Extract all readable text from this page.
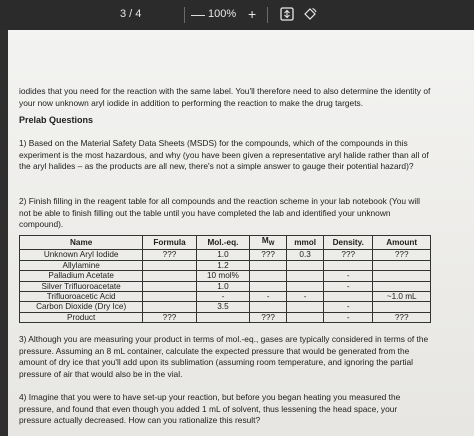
3 / 4	— 100% +

iodides that you need for the reaction with the same label. You'll therefore need to also determine the identity of your now unknown aryl iodide in addition to performing the reaction to make the drug targets.

Prelab Questions

1) Based on the Material Safety Data Sheets (MSDS) for the compounds, which of the compounds in this experiment is the most hazardous, and why (you have been given a representative aryl halide rather than all of the aryl halides – as the products are all new, there's not a simple answer to gauge their potential hazard)?

2) Finish filling in the reagent table for all compounds and the reaction scheme in your lab notebook (You will not be able to finish filling out the table until you have completed the lab and identified your unknown compound).

Name	Formula	Mol.-eq.	$M_W$	mmol	Density.	Amount
Unknown Aryl Iodide	???	1.0	???	0.3	???	???
Allylamine		1.2				
Palladium Acetate		10 mol%			-	
Silver Trifluoroacetate		1.0			-	
Trifluoroacetic Acid		-	-	-		~1.0 mL
Carbon Dioxide (Dry Ice)		3.5			-	
Product	???		???		-	???

3) Although you are measuring your product in terms of mol.-eq., gases are typically considered in terms of the pressure. Assuming an 8 mL container, calculate the expected pressure that would be generated from the amount of dry ice that you'll add upon its sublimation (assuming room temperature, and ignoring the partial pressure of air that would also be in the vial.

4) Imagine that you were to have set-up your reaction, but before you began heating you measured the pressure, and found that even though you added 1 mL of solvent, thus lessening the head space, your pressure actually decreased. How can you rationalize this result?
